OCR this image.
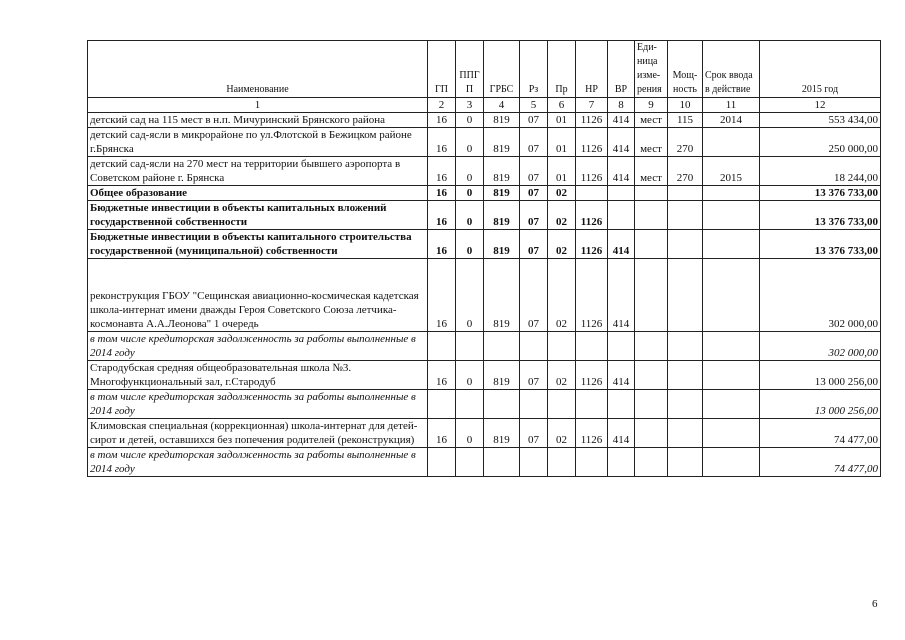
Наименование	ГП	ППГ П	ГРБС	Рз	Пр	НР	ВР	Еди- ница изме- рения	Мощ- ность	Срок ввода в действие	2015 год
1	2	3	4	5	6	7	8	9	10	11	12
детский сад на 115 мест в н.п. Мичуринский Брянского района	16	0	819	07	01	1126	414	мест	115	2014	553 434,00
детский сад-ясли в микрорайоне по ул.Флотской в Бежицком районе г.Брянска	16	0	819	07	01	1126	414	мест	270		250 000,00
детский сад-ясли на 270 мест на территории бывшего аэропорта в Советском районе г. Брянска	16	0	819	07	01	1126	414	мест	270	2015	18 244,00
Общее образование	16	0	819	07	02						13 376 733,00
Бюджетные инвестиции в объекты капитальных вложений государственной собственности	16	0	819	07	02	1126					13 376 733,00
Бюджетные инвестиции в объекты капитального строительства государственной (муниципальной) собственности	16	0	819	07	02	1126	414				13 376 733,00
реконструкция ГБОУ "Сещинская авиационно-космическая кадетская школа-интернат имени дважды Героя Советского Союза летчика-космонавта А.А.Леонова" 1 очередь	16	0	819	07	02	1126	414				302 000,00
в том числе кредиторская задолженность за работы выполненные в 2014 году											302 000,00
Стародубская средняя общеобразовательная школа №3. Многофункциональный зал, г.Стародуб	16	0	819	07	02	1126	414				13 000 256,00
в том числе кредиторская задолженность за работы выполненные в 2014 году											13 000 256,00
Климовская специальная (коррекционная) школа-интернат для детей-сирот и детей, оставшихся без попечения родителей (реконструкция)	16	0	819	07	02	1126	414				74 477,00
в том числе кредиторская задолженность за работы выполненные в 2014 году											74 477,00
6
